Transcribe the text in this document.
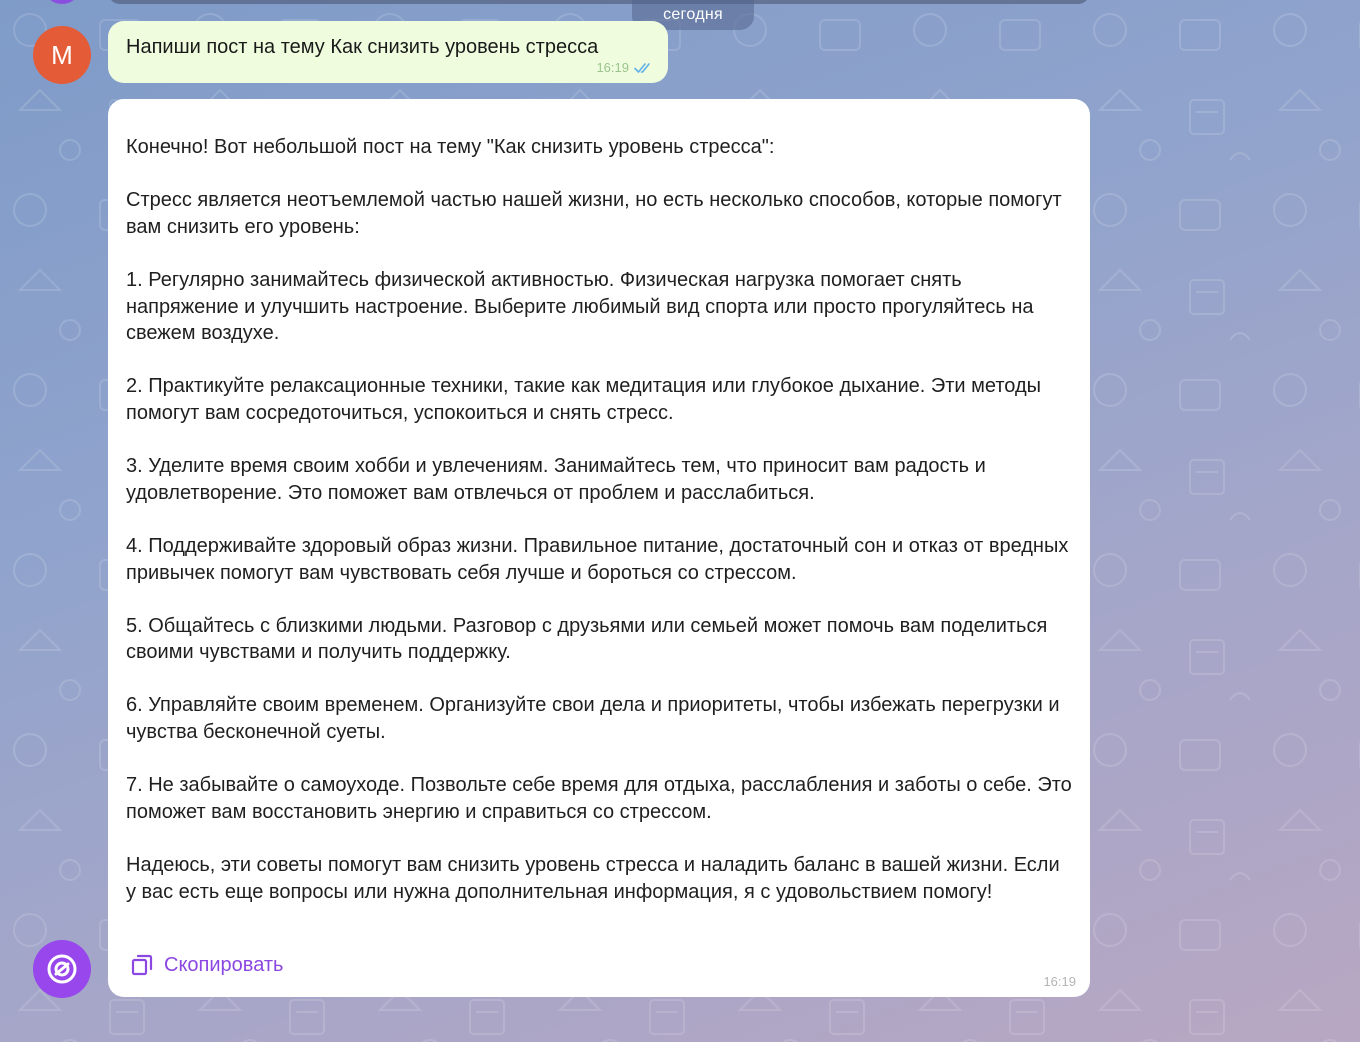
сегодня
M	Напиши пост на тему Как снизить уровень стресса
16:19

Конечно! Вот небольшой пост на тему "Как снизить уровень стресса":

Стресс является неотъемлемой частью нашей жизни, но есть несколько способов, которые помогут вам снизить его уровень:

1. Регулярно занимайтесь физической активностью. Физическая нагрузка помогает снять напряжение и улучшить настроение. Выберите любимый вид спорта или просто прогуляйтесь на свежем воздухе.

2. Практикуйте релаксационные техники, такие как медитация или глубокое дыхание. Эти методы помогут вам сосредоточиться, успокоиться и снять стресс.

3. Уделите время своим хобби и увлечениям. Занимайтесь тем, что приносит вам радость и удовлетворение. Это поможет вам отвлечься от проблем и расслабиться.

4. Поддерживайте здоровый образ жизни. Правильное питание, достаточный сон и отказ от вредных привычек помогут вам чувствовать себя лучше и бороться со стрессом.

5. Общайтесь с близкими людьми. Разговор с друзьями или семьей может помочь вам поделиться своими чувствами и получить поддержку.

6. Управляйте своим временем. Организуйте свои дела и приоритеты, чтобы избежать перегрузки и чувства бесконечной суеты.

7. Не забывайте о самоуходе. Позвольте себе время для отдыха, расслабления и заботы о себе. Это поможет вам восстановить энергию и справиться со стрессом.

Надеюсь, эти советы помогут вам снизить уровень стресса и наладить баланс в вашей жизни. Если у вас есть еще вопросы или нужна дополнительная информация, я с удовольствием помогу!

Скопировать
16:19
